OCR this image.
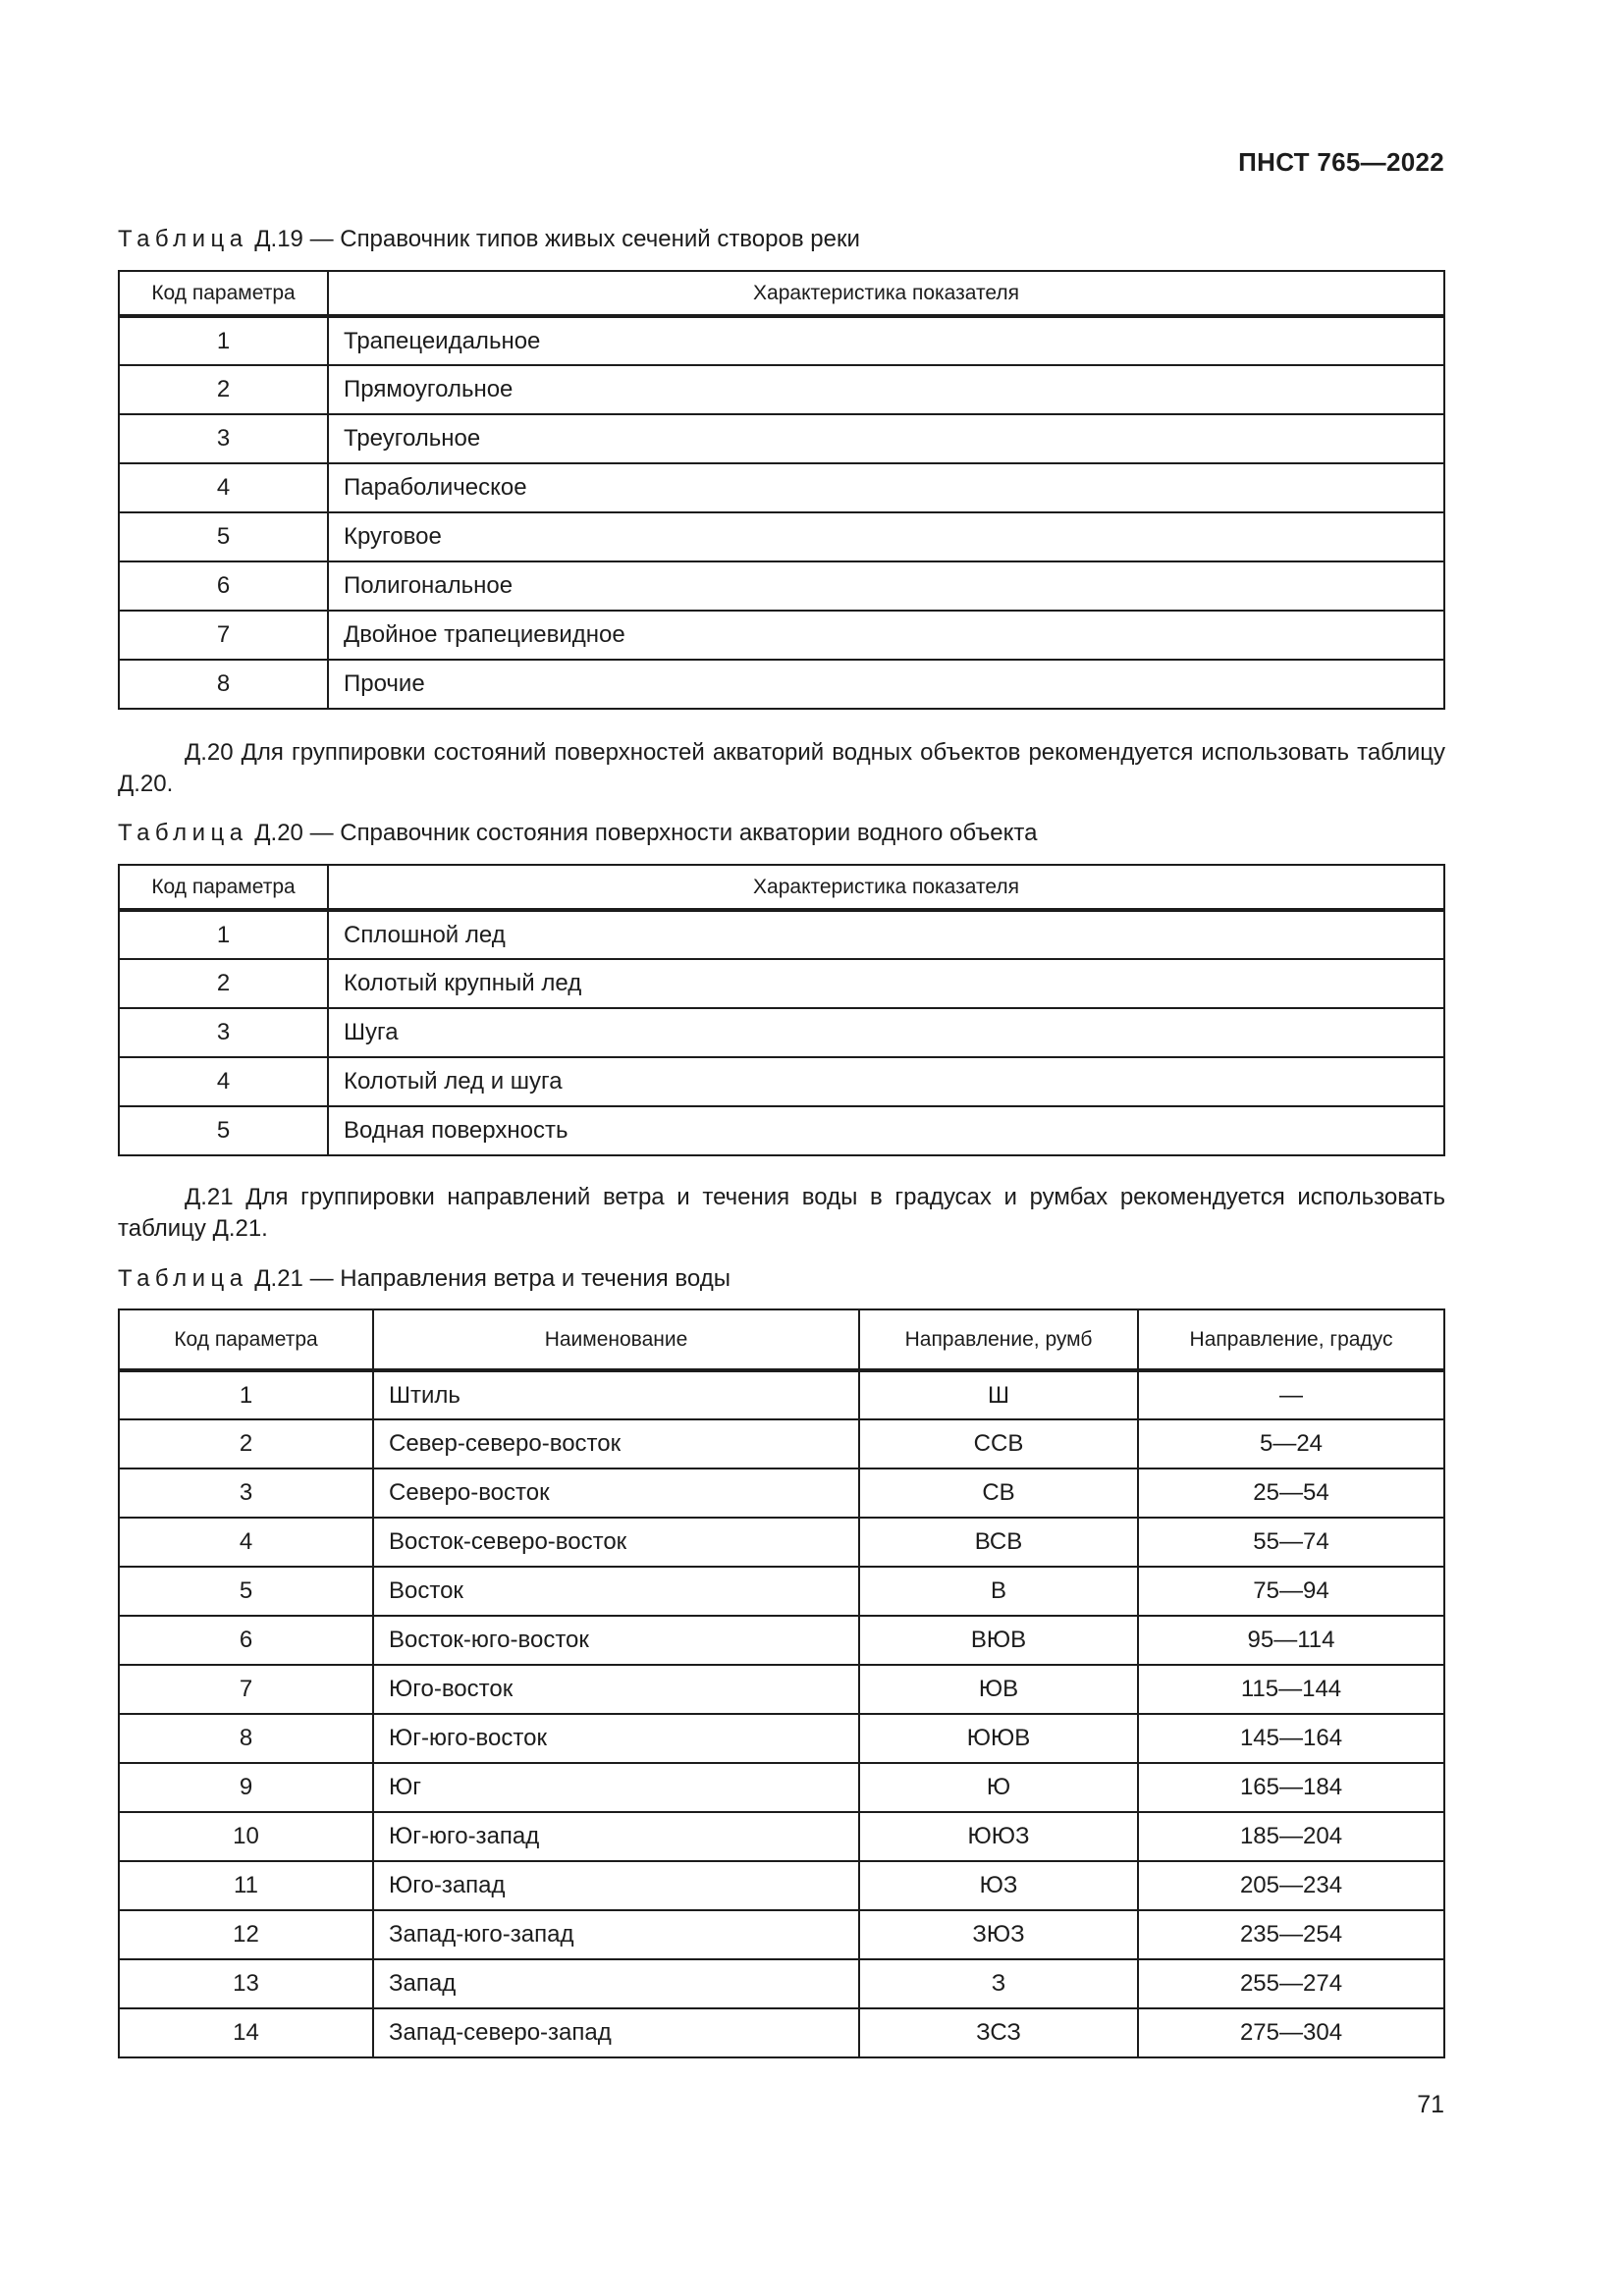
ПНСТ 765—2022
Таблица Д.19 — Справочник типов живых сечений створов реки
Код параметра	Характеристика показателя
1	Трапецеидальное
2	Прямоугольное
3	Треугольное
4	Параболическое
5	Круговое
6	Полигональное
7	Двойное трапециевидное
8	Прочие
Д.20 Для группировки состояний поверхностей акваторий водных объектов рекомендуется использовать таблицу Д.20.
Таблица Д.20 — Справочник состояния поверхности акватории водного объекта
Код параметра	Характеристика показателя
1	Сплошной лед
2	Колотый крупный лед
3	Шуга
4	Колотый лед и шуга
5	Водная поверхность
Д.21 Для группировки направлений ветра и течения воды в градусах и румбах рекомендуется использовать таблицу Д.21.
Таблица Д.21 — Направления ветра и течения воды
Код параметра	Наименование	Направление, румб	Направление, градус
1	Штиль	Ш	—
2	Север-северо-восток	ССВ	5—24
3	Северо-восток	СВ	25—54
4	Восток-северо-восток	ВСВ	55—74
5	Восток	В	75—94
6	Восток-юго-восток	ВЮВ	95—114
7	Юго-восток	ЮВ	115—144
8	Юг-юго-восток	ЮЮВ	145—164
9	Юг	Ю	165—184
10	Юг-юго-запад	ЮЮЗ	185—204
11	Юго-запад	ЮЗ	205—234
12	Запад-юго-запад	ЗЮЗ	235—254
13	Запад	З	255—274
14	Запад-северо-запад	ЗСЗ	275—304
71
